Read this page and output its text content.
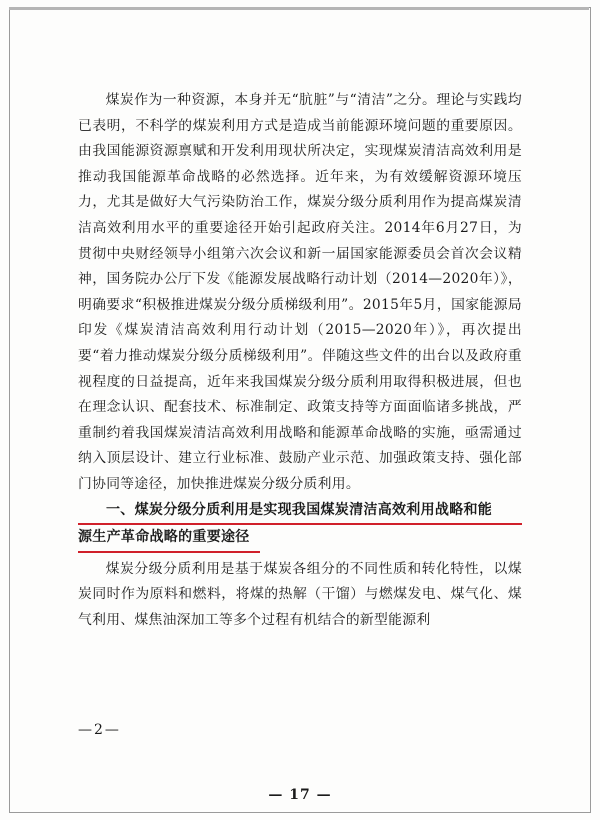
煤炭作为一种资源，本身并无“肮脏”与“清洁”之分。理论与实践均已表明，不科学的煤炭利用方式是造成当前能源环境问题的重要原因。由我国能源资源禀赋和开发利用现状所决定，实现煤炭清洁高效利用是推动我国能源革命战略的必然选择。近年来，为有效缓解资源环境压力，尤其是做好大气污染防治工作，煤炭分级分质利用作为提高煤炭清洁高效利用水平的重要途径开始引起政府关注。2014年6月27日，为贯彻中央财经领导小组第六次会议和新一届国家能源委员会首次会议精神，国务院办公厅下发《能源发展战略行动计划（2014—2020年）》，明确要求“积极推进煤炭分级分质梯级利用”。2015年5月，国家能源局印发《煤炭清洁高效利用行动计划（2015—2020年）》，再次提出要“着力推动煤炭分级分质梯级利用”。伴随这些文件的出台以及政府重视程度的日益提高，近年来我国煤炭分级分质利用取得积极进展，但也在理念认识、配套技术、标准制定、政策支持等方面面临诸多挑战，严重制约着我国煤炭清洁高效利用战略和能源革命战略的实施，亟需通过纳入顶层设计、建立行业标准、鼓励产业示范、加强政策支持、强化部门协同等途径，加快推进煤炭分级分质利用。

一、煤炭分级分质利用是实现我国煤炭清洁高效利用战略和能
源生产革命战略的重要途径

煤炭分级分质利用是基于煤炭各组分的不同性质和转化特性，以煤炭同时作为原料和燃料，将煤的热解（干馏）与燃煤发电、煤气化、煤气利用、煤焦油深加工等多个过程有机结合的新型能源利

—2—
— 17 —
